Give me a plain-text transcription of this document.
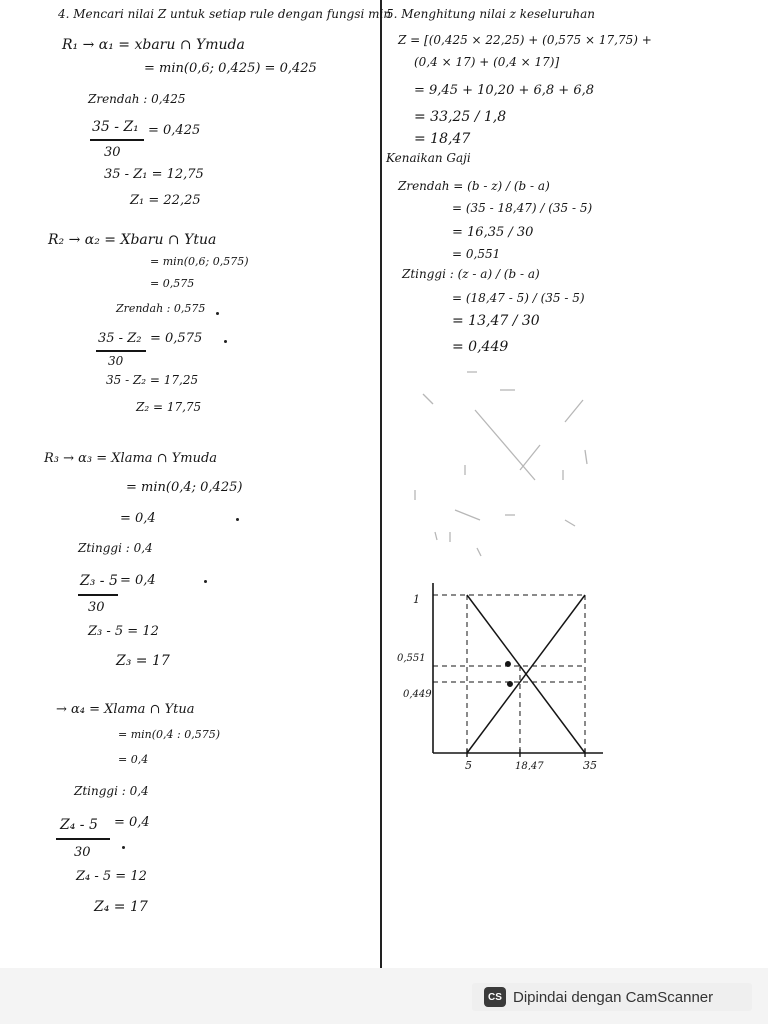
4. Mencari nilai Z untuk setiap rule dengan fungsi min
R₁ → α₁ = xbaru ∩ Ymuda
= min(0,6; 0,425) = 0,425
Zrendah : 0,425
35 - Z₁
30
= 0,425
35 - Z₁ = 12,75
Z₁ = 22,25
R₂ → α₂ = Xbaru ∩ Ytua
= min(0,6; 0,575)
= 0,575
Zrendah : 0,575
35 - Z₂
30
= 0,575
35 - Z₂ = 17,25
Z₂ = 17,75
R₃ → α₃ = Xlama ∩ Ymuda
= min(0,4; 0,425)
= 0,4
Ztinggi : 0,4
Z₃ - 5
30
= 0,4
Z₃ - 5 = 12
Z₃ = 17
→ α₄ = Xlama ∩ Ytua
= min(0,4 : 0,575)
= 0,4
Ztinggi : 0,4
Z₄ - 5
30
= 0,4
Z₄ - 5 = 12
Z₄ = 17
5. Menghitung nilai z keseluruhan
Z = [(0,425 × 22,25) + (0,575 × 17,75) +
(0,4 × 17) + (0,4 × 17)]
= 9,45 + 10,20 + 6,8 + 6,8
= 33,25 / 1,8
= 18,47
Kenaikan Gaji
Zrendah = (b - z) / (b - a)
= (35 - 18,47) / (35 - 5)
= 16,35 / 30
= 0,551
Ztinggi : (z - a) / (b - a)
= (18,47 - 5) / (35 - 5)
= 13,47 / 30
= 0,449
1
0,551
0,449
5	18,47	35
CS Dipindai dengan CamScanner
